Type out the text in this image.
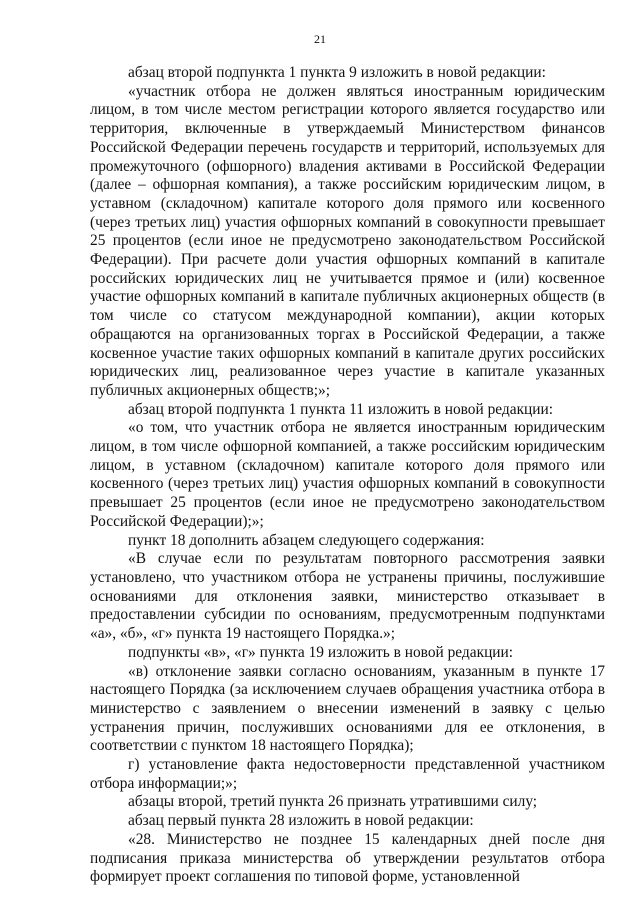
21

абзац второй подпункта 1 пункта 9 изложить в новой редакции:

«участник отбора не должен являться иностранным юридическим лицом, в том числе местом регистрации которого является государство или территория, включенные в утверждаемый Министерством финансов Российской Федерации перечень государств и территорий, используемых для промежуточного (офшорного) владения активами в Российской Федерации (далее – офшорная компания), а также российским юридическим лицом, в уставном (складочном) капитале которого доля прямого или косвенного (через третьих лиц) участия офшорных компаний в совокупности превышает 25 процентов (если иное не предусмотрено законодательством Российской Федерации). При расчете доли участия офшорных компаний в капитале российских юридических лиц не учитывается прямое и (или) косвенное участие офшорных компаний в капитале публичных акционерных обществ (в том числе со статусом международной компании), акции которых обращаются на организованных торгах в Российской Федерации, а также косвенное участие таких офшорных компаний в капитале других российских юридических лиц, реализованное через участие в капитале указанных публичных акционерных обществ;»;

абзац второй подпункта 1 пункта 11 изложить в новой редакции:

«о том, что участник отбора не является иностранным юридическим лицом, в том числе офшорной компанией, а также российским юридическим лицом, в уставном (складочном) капитале которого доля прямого или косвенного (через третьих лиц) участия офшорных компаний в совокупности превышает 25 процентов (если иное не предусмотрено законодательством Российской Федерации);»;

пункт 18 дополнить абзацем следующего содержания:

«В случае если по результатам повторного рассмотрения заявки установлено, что участником отбора не устранены причины, послужившие основаниями для отклонения заявки, министерство отказывает в предоставлении субсидии по основаниям, предусмотренным подпунктами «а», «б», «г» пункта 19 настоящего Порядка.»;

подпункты «в», «г» пункта 19 изложить в новой редакции:

«в) отклонение заявки согласно основаниям, указанным в пункте 17 настоящего Порядка (за исключением случаев обращения участника отбора в министерство с заявлением о внесении изменений в заявку с целью устранения причин, послуживших основаниями для ее отклонения, в соответствии с пунктом 18 настоящего Порядка);

г) установление факта недостоверности представленной участником отбора информации;»;

абзацы второй, третий пункта 26 признать утратившими силу;

абзац первый пункта 28 изложить в новой редакции:

«28. Министерство не позднее 15 календарных дней после дня подписания приказа министерства об утверждении результатов отбора формирует проект соглашения по типовой форме, установленной
